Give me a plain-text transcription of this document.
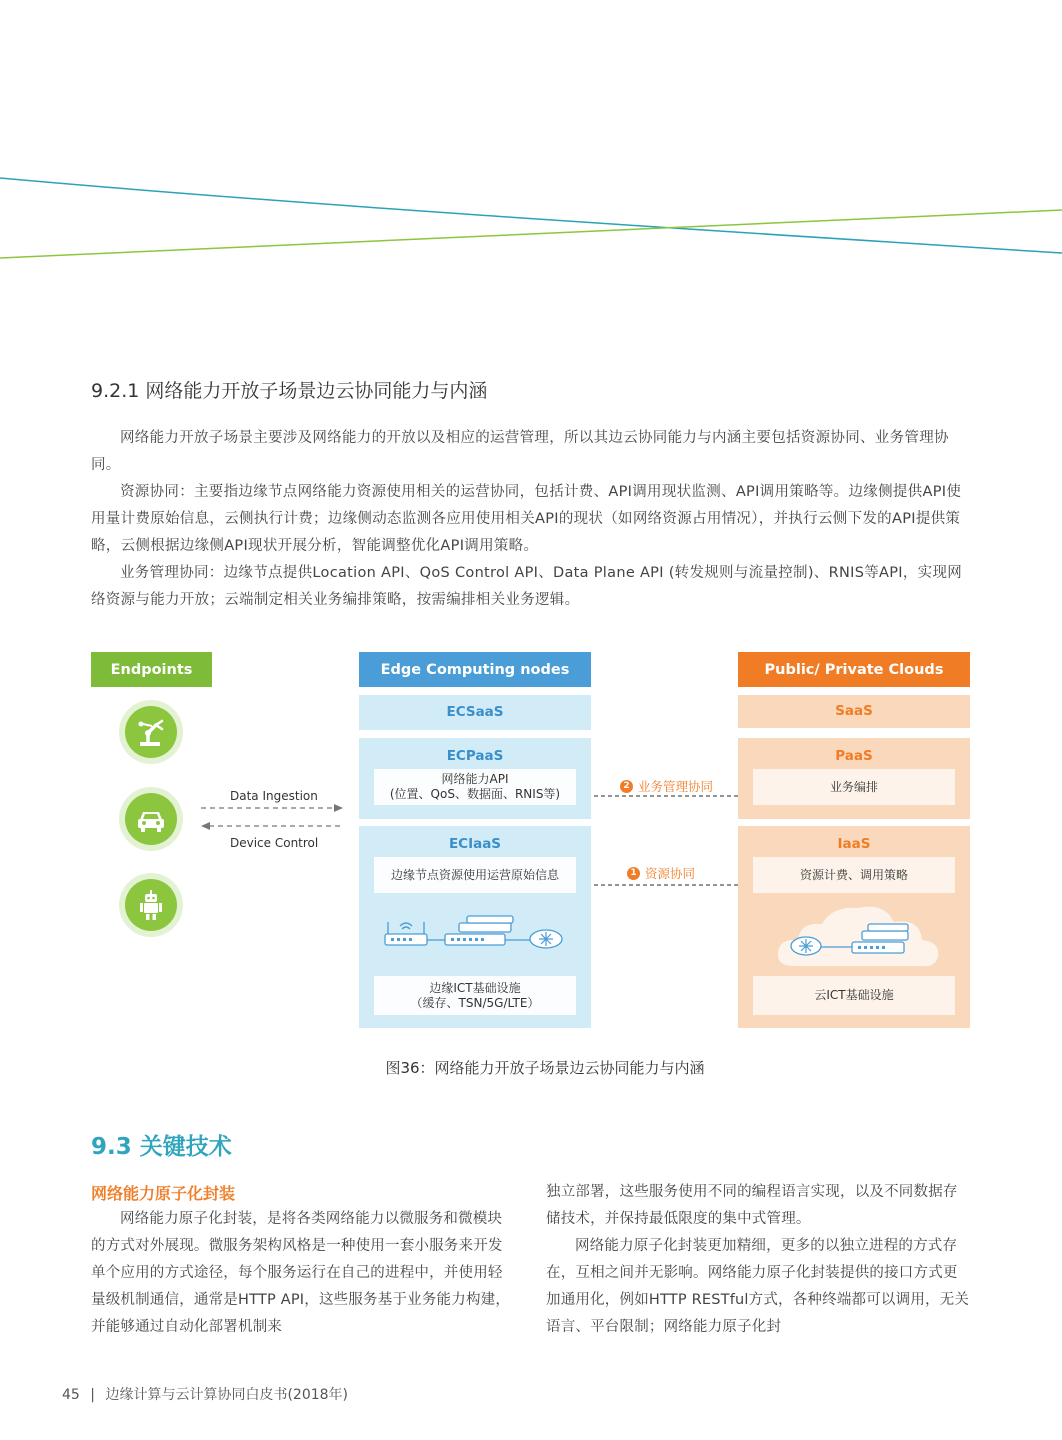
9.2.1 网络能力开放子场景边云协同能力与内涵

网络能力开放子场景主要涉及网络能力的开放以及相应的运营管理，所以其边云协同能力与内涵主要包括资源协同、业务管理协同。

资源协同：主要指边缘节点网络能力资源使用相关的运营协同，包括计费、API调用现状监测、API调用策略等。边缘侧提供API使用量计费原始信息，云侧执行计费；边缘侧动态监测各应用使用相关API的现状（如网络资源占用情况），并执行云侧下发的API提供策略，云侧根据边缘侧API现状开展分析，智能调整优化API调用策略。

业务管理协同：边缘节点提供Location API、QoS Control API、Data Plane API (转发规则与流量控制)、RNIS等API，实现网络资源与能力开放；云端制定相关业务编排策略，按需编排相关业务逻辑。

Endpoints
Data Ingestion
Device Control
Edge Computing nodes
ECSaaS
ECPaaS
网络能力API
(位置、QoS、数据面、RNIS等)
ECIaaS
边缘节点资源使用运营原始信息
边缘ICT基础设施
（缓存、TSN/5G/LTE）
2 业务管理协同
1 资源协同
Public/ Private Clouds
SaaS
PaaS
业务编排
IaaS
资源计费、调用策略
云ICT基础设施
图36：网络能力开放子场景边云协同能力与内涵
9.3 关键技术
网络能力原子化封装

网络能力原子化封装，是将各类网络能力以微服务和微模块的方式对外展现。微服务架构风格是一种使用一套小服务来开发单个应用的方式途径，每个服务运行在自己的进程中，并使用轻量级机制通信，通常是HTTP API，这些服务基于业务能力构建，并能够通过自动化部署机制来

独立部署，这些服务使用不同的编程语言实现，以及不同数据存储技术，并保持最低限度的集中式管理。

网络能力原子化封装更加精细，更多的以独立进程的方式存在，互相之间并无影响。网络能力原子化封装提供的接口方式更加通用化，例如HTTP RESTful方式，各种终端都可以调用，无关语言、平台限制；网络能力原子化封

45 | 边缘计算与云计算协同白皮书(2018年)
